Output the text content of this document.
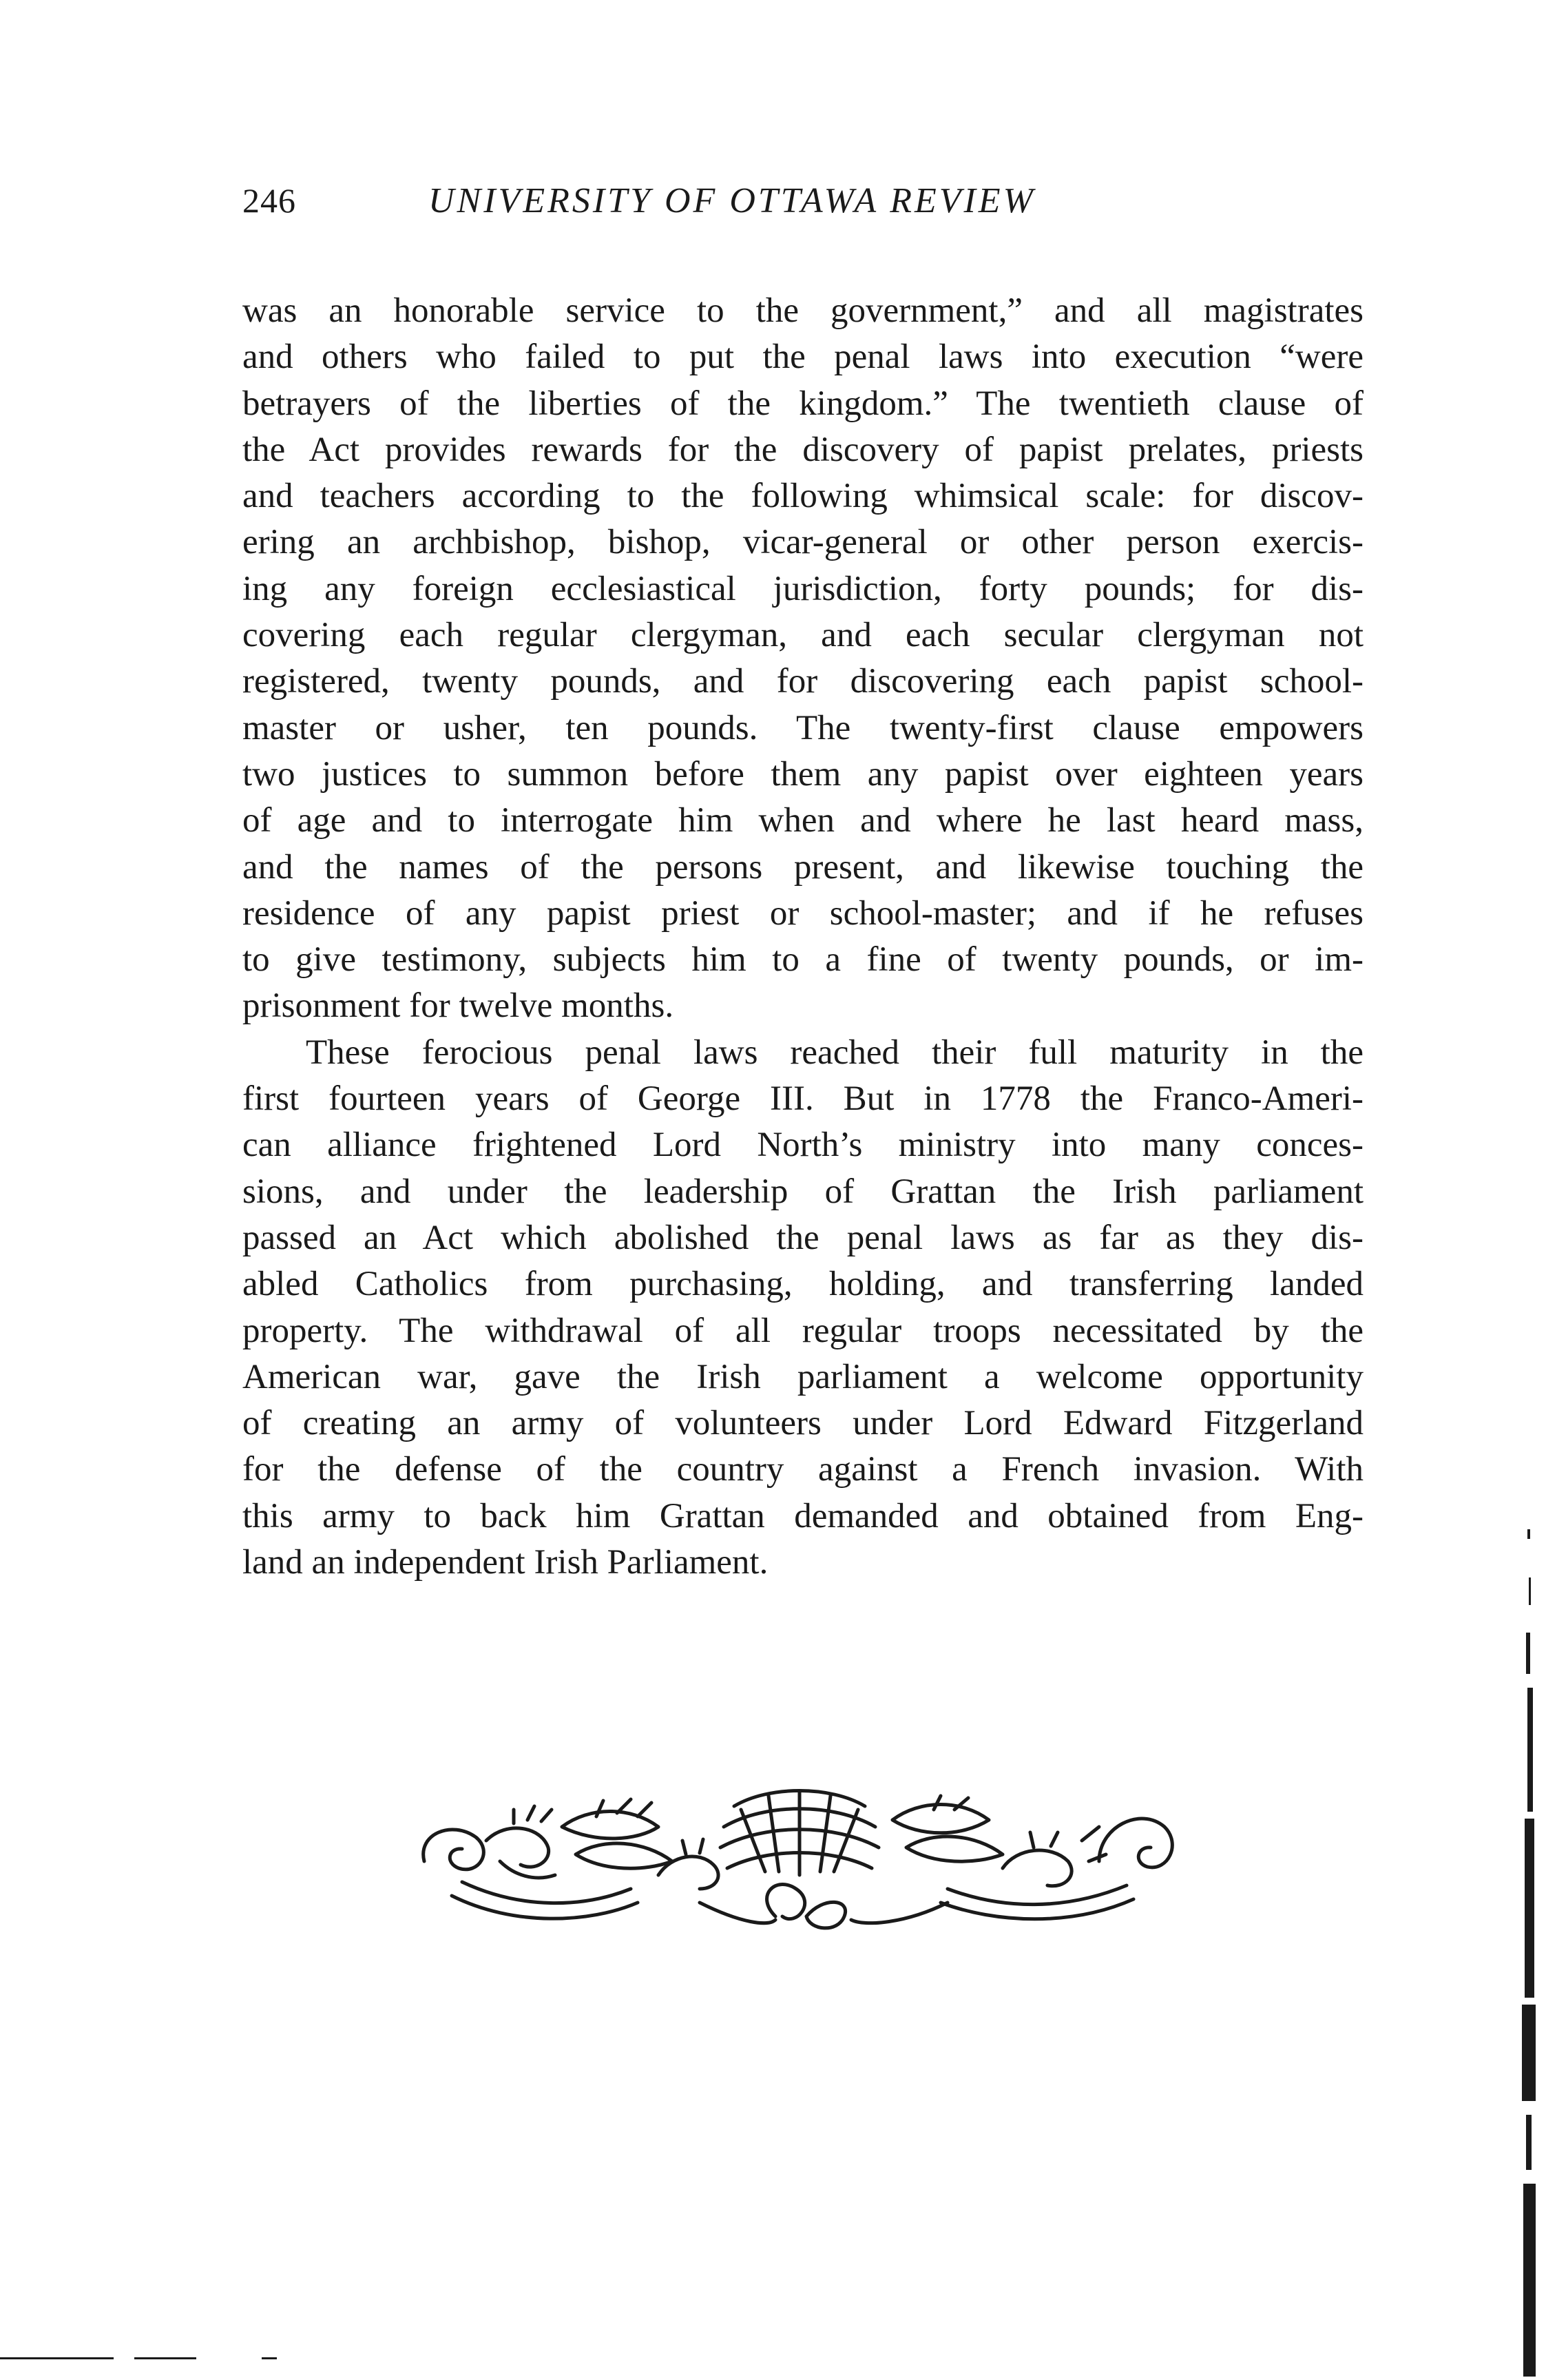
246	UNIVERSITY OF OTTAWA REVIEW

was an honorable service to the government,” and all magistrates
and others who failed to put the penal laws into execution “were
betrayers of the liberties of the kingdom.” The twentieth clause of
the Act provides rewards for the discovery of papist prelates, priests
and teachers according to the following whimsical scale: for discov-
ering an archbishop, bishop, vicar-general or other person exercis-
ing any foreign ecclesiastical jurisdiction, forty pounds; for dis-
covering each regular clergyman, and each secular clergyman not
registered, twenty pounds, and for discovering each papist school-
master or usher, ten pounds. The twenty-first clause empowers
two justices to summon before them any papist over eighteen years
of age and to interrogate him when and where he last heard mass,
and the names of the persons present, and likewise touching the
residence of any papist priest or school-master; and if he refuses
to give testimony, subjects him to a fine of twenty pounds, or im-
prisonment for twelve months.

These ferocious penal laws reached their full maturity in the
first fourteen years of George III. But in 1778 the Franco-Ameri-
can alliance frightened Lord North’s ministry into many conces-
sions, and under the leadership of Grattan the Irish parliament
passed an Act which abolished the penal laws as far as they dis-
abled Catholics from purchasing, holding, and transferring landed
property. The withdrawal of all regular troops necessitated by the
American war, gave the Irish parliament a welcome opportunity
of creating an army of volunteers under Lord Edward Fitzgerland
for the defense of the country against a French invasion. With
this army to back him Grattan demanded and obtained from Eng-
land an independent Irish Parliament.
